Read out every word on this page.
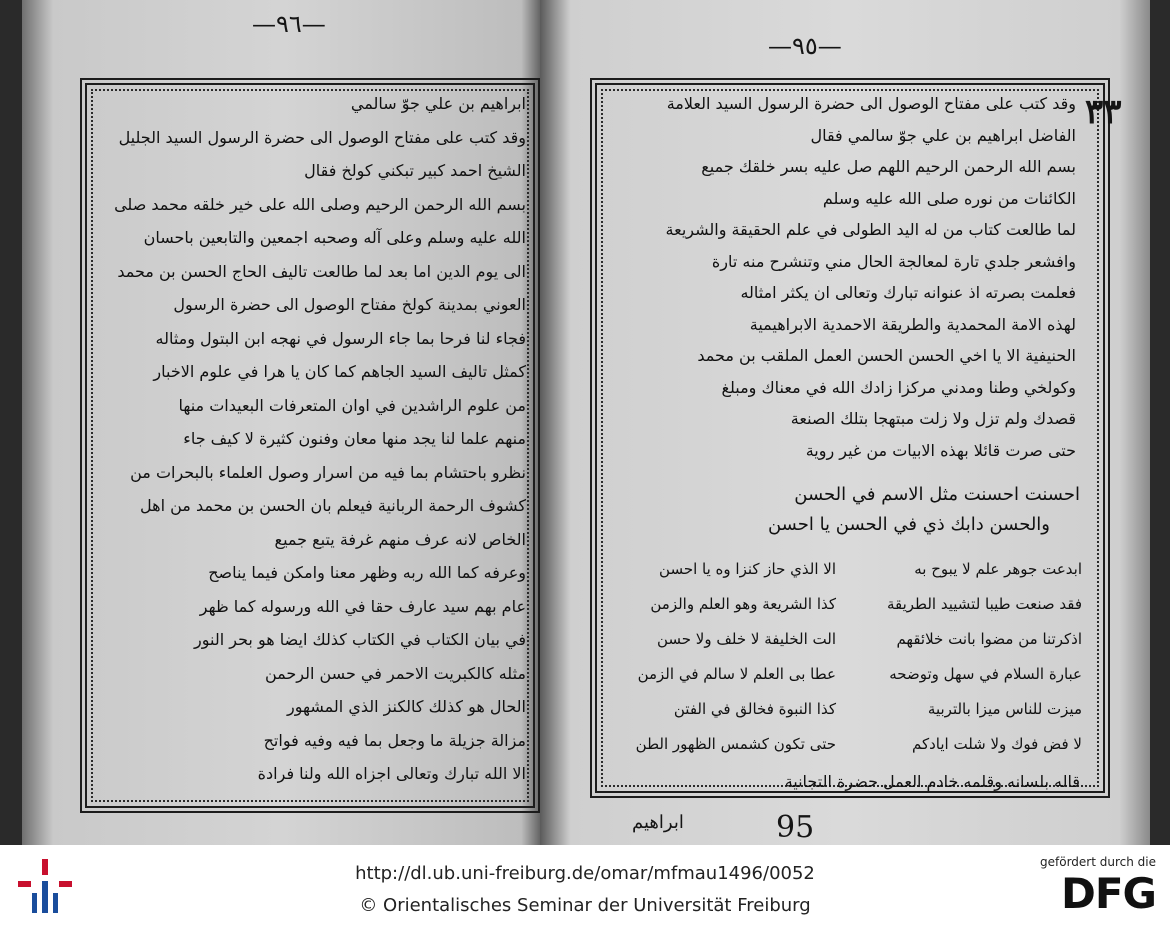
—٩٦—
ابراهيم بن علي جوّ سالمي
وقد كتب على مفتاح الوصول الى حضرة الرسول السيد الجليل
الشيخ احمد كبير تبكني كولخ فقال
بسم الله الرحمن الرحيم وصلى الله على خير خلقه محمد صلى
الله عليه وسلم وعلى آله وصحبه اجمعين والتابعين باحسان
الى يوم الدين اما بعد لما طالعت تاليف الحاج الحسن بن محمد
العوني بمدينة كولخ مفتاح الوصول الى حضرة الرسول
فجاء لنا فرحا بما جاء الرسول في نهجه ابن البتول ومثاله
كمثل تاليف السيد الجاهم كما كان يا هرا في علوم الاخبار
من علوم الراشدين في اوان المتعرفات البعيدات منها
منهم علما لنا يجد منها معان وفنون كثيرة لا كيف جاء
نظرو باحتشام بما فيه من اسرار وصول العلماء بالبحرات من
كشوف الرحمة الربانية فيعلم بان الحسن بن محمد من اهل
الخاص لانه عرف منهم غرفة يتبع جميع
وعرفه كما الله ربه وظهر معنا وامكن فيما يناصح
عام بهم سيد عارف حقا في الله ورسوله كما ظهر
في بيان الكتاب في الكتاب كذلك ايضا هو بحر النور
مثله كالكبريت الاحمر في حسن الرحمن
الحال هو كذلك كالكنز الذي المشهور
مزالة جزيلة ما وجعل بما فيه وفيه فواتح
الا الله تبارك وتعالى اجزاه الله ولنا فرادة
—٩٥—
٣٣
وقد كتب على مفتاح الوصول الى حضرة الرسول السيد العلامة
الفاضل ابراهيم بن علي جوّ سالمي فقال
بسم الله الرحمن الرحيم اللهم صل عليه بسر خلقك جميع
الكائنات من نوره صلى الله عليه وسلم
لما طالعت كتاب من له اليد الطولى في علم الحقيقة والشريعة
وافشعر جلدي تارة لمعالجة الحال مني وتنشرح منه تارة
فعلمت بصرته اذ عنوانه تبارك وتعالى ان يكثر امثاله
لهذه الامة المحمدية والطريقة الاحمدية الابراهيمية
الحنيفية الا يا اخي الحسن الحسن العمل الملقب بن محمد
وكولخي وطنا ومدني مركزا زادك الله في معناك ومبلغ
قصدك ولم تزل ولا زلت مبتهجا بتلك الصنعة
حتى صرت قائلا بهذه الابيات من غير روية
احسنت احسنت مثل الاسم في الحسن
والحسن دابك ذي في الحسن يا احسن
ابدعت جوهر علم لا يبوح به
الا الذي حاز كنزا وه يا احسن
فقد صنعت طيبا لتشييد الطريقة
كذا الشريعة وهو العلم والزمن
اذكرتنا من مضوا بانت خلائقهم
الت الخليفة لا خلف ولا حسن
عبارة السلام في سهل وتوضحه
عطا بى العلم لا سالم في الزمن
ميزت للناس ميزا بالتربية
كذا النبوة فخالق في الفتن
لا فض فوك ولا شلت ايادكم
حتى تكون كشمس الظهور الطن
قاله بلسانه وقلمه خادم العمل حضرة التجانية
ابراهيم	95
http://dl.ub.uni-freiburg.de/omar/mfmau1496/0052
© Orientalisches Seminar der Universität Freiburg
gefördert durch die
DFG
